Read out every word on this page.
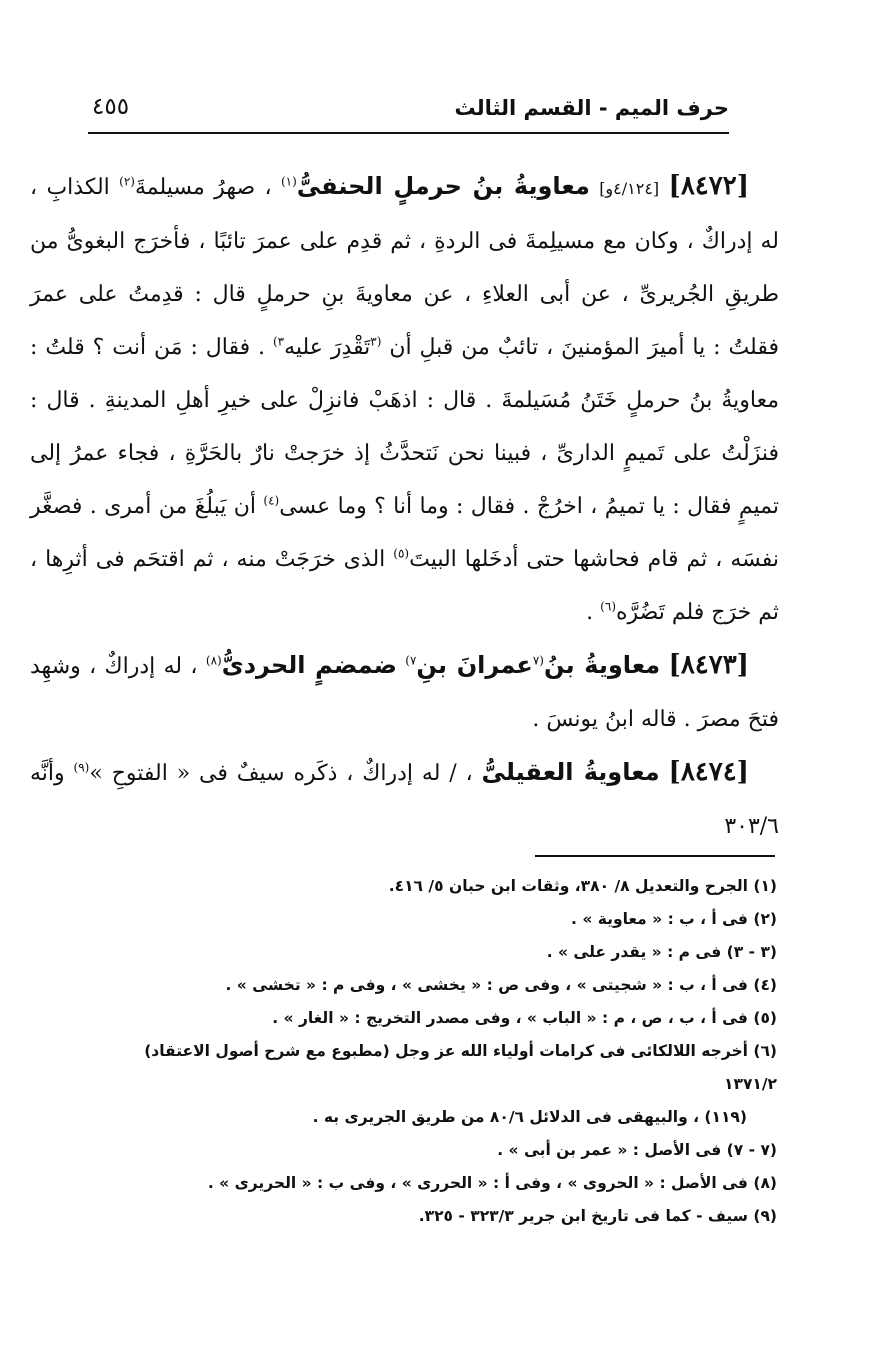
حرف الميم - القسم الثالث
٤٥٥

[٨٤٧٢] [٤/١٢٤و] معاويةُ بنُ حرملٍ الحنفىُّ$^{(١)}$ ، صهرُ مسيلمةَ$^{(٢)}$ الكذابِ ، له إدراكٌ ، وكان مع مسيلِمةَ فى الردةِ ، ثم قدِم على عمرَ تائبًا ، فأخرَج البغوىُّ من طريقِ الجُريرىِّ ، عن أبى العلاءِ ، عن معاويةَ بنِ حرملٍ قال : قدِمتُ على عمرَ فقلتُ : يا أميرَ المؤمنينَ ، تائبٌ من قبلِ أن $^{(٣}$تَقْدِرَ عليه$^{٣)}$ . فقال : مَن أنت ؟ قلتُ : معاويةُ بنُ حرملٍ خَتَنُ مُسَيلمةَ . قال : اذهَبْ فانزِلْ على خيرِ أهلِ المدينةِ . قال : فنزَلْتُ على تَميمٍ الدارىِّ ، فبينا نحن نَتحدَّثُ إذ خرَجتْ نارٌ بالحَرَّةِ ، فجاء عمرُ إلى تميمٍ فقال : يا تميمُ ، اخرُجْ . فقال : وما أنا ؟ وما عسى$^{(٤)}$ أن يَبلُغَ من أمرى . فصغَّر نفسَه ، ثم قام فحاشها حتى أدخَلها البيتَ$^{(٥)}$ الذى خرَجَتْ منه ، ثم اقتحَم فى أثرِها ، ثم خرَج فلم تَضُرَّه$^{(٦)}$ .

[٨٤٧٣] معاويةُ بنُ$^{(٧}$عمرانَ بنِ$^{٧)}$ ضمضمٍ الحردىُّ$^{(٨)}$ ، له إدراكٌ ، وشهِد فتحَ مصرَ . قاله ابنُ يونسَ .

[٨٤٧٤] معاويةُ العقيلىُّ ، / له إدراكٌ ، ذكَره سيفٌ فى « الفتوحِ »$^{(٩)}$ وأنَّه ٣٠٣/٦

(١) الجرح والتعديل ٨/ ٣٨٠، وثقات ابن حبان ٥/ ٤١٦.

(٢) فى أ ، ب : « معاوية » .

(٣ - ٣) فى م : « يقدر على » .

(٤) فى أ ، ب : « شجيتى » ، وفى ص : « يخشى » ، وفى م : « تخشى » .

(٥) فى أ ، ب ، ص ، م : « الباب » ، وفى مصدر التخريج : « الغار » .

(٦) أخرجه اللالكائى فى كرامات أولياء الله عز وجل (مطبوع مع شرح أصول الاعتقاد) ١٣٧١/٢

(١١٩) ، والبيهقى فى الدلائل ٨٠/٦ من طريق الجريرى به .

(٧ - ٧) فى الأصل : « عمر بن أبى » .

(٨) فى الأصل : « الحروى » ، وفى أ : « الحررى » ، وفى ب : « الحريرى » .

(٩) سيف - كما فى تاريخ ابن جرير ٣٢٣/٣ - ٣٢٥.
